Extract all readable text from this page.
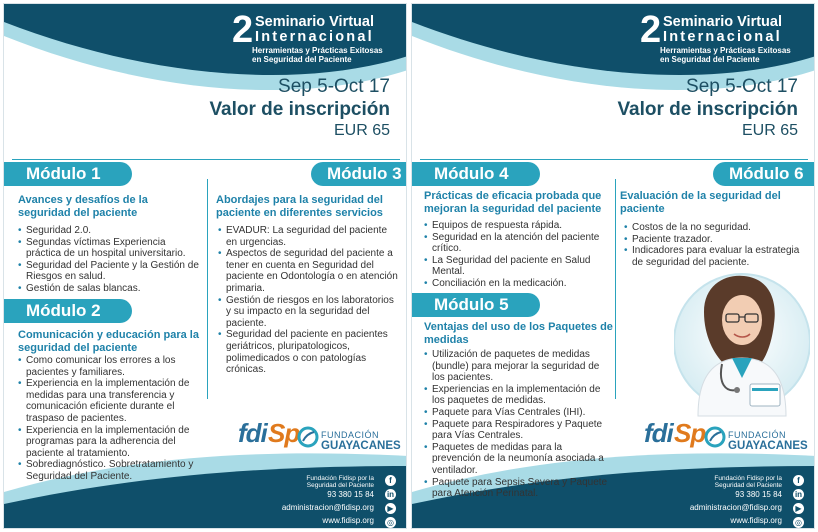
2 Seminario Virtual
Internacional
Herramientas y Prácticas Exitosas
en Seguridad del Paciente
Sep 5-Oct 17
Valor de inscripción
EUR 65
Módulo 1
Avances y desafíos de la seguridad del paciente
• Seguridad 2.0.
• Segundas víctimas Experiencia práctica de un hospital universitario.
• Seguridad del Paciente y la Gestión de Riesgos en salud.
• Gestión de salas blancas.
Módulo 2
Comunicación y educación para la seguridad del paciente
• Como comunicar los errores a los pacientes y familiares.
• Experiencia en la implementación de medidas para una transferencia y comunicación eficiente durante el traspaso de pacientes.
• Experiencia en la implementación de programas para la adherencia del paciente al tratamiento.
• Sobrediagnóstico. Sobretratamiento y Seguridad del Paciente.
Módulo 3
Abordajes para la seguridad del paciente en diferentes servicios
• EVADUR: La seguridad del paciente en urgencias.
• Aspectos de seguridad del paciente a tener en cuenta en Seguridad del paciente en Odontología o en atención primaria.
• Gestión de riesgos en los laboratorios y su impacto en la seguridad del paciente.
• Seguridad del paciente en pacientes geriátricos, pluripatologicos, polimedicados o con patologías crónicas.
fdi Sp FUNDACIÓN
GUAYACANES
Fundación Fidisp por la
Seguridad del Paciente
93 380 15 84
administracion@fidisp.org
www.fidisp.org
f
in
▶
◎
2 Seminario Virtual
Internacional
Herramientas y Prácticas Exitosas
en Seguridad del Paciente
Sep 5-Oct 17
Valor de inscripción
EUR 65
Módulo 4
Prácticas de eficacia probada que mejoran la seguridad del paciente
• Equipos de respuesta rápida.
• Seguridad en la atención del paciente crítico.
• La Seguridad del paciente en Salud Mental.
• Conciliación en la medicación.
Módulo 5
Ventajas del uso de los Paquetes de medidas
• Utilización de paquetes de medidas (bundle) para mejorar la seguridad de los pacientes.
• Experiencias en la implementación de los paquetes de medidas.
• Paquete para Vías Centrales (IHI).
• Paquete para Respiradores y Paquete para Vías Centrales.
• Paquetes de medidas para la prevención de la neumonía asociada a ventilador.
• Paquete para Sepsis Severa y Paquete para Atención Perinatal.
Módulo 6
Evaluación de la seguridad del paciente
• Costos de la no seguridad.
• Paciente trazador.
• Indicadores para evaluar la estrategia de seguridad del paciente.
fdi Sp	FUNDACIÓN
GUAYACANES
Fundación Fidisp por la
Seguridad del Paciente
93 380 15 84
administracion@fidisp.org
www.fidisp.org
f
in
▶
◎
